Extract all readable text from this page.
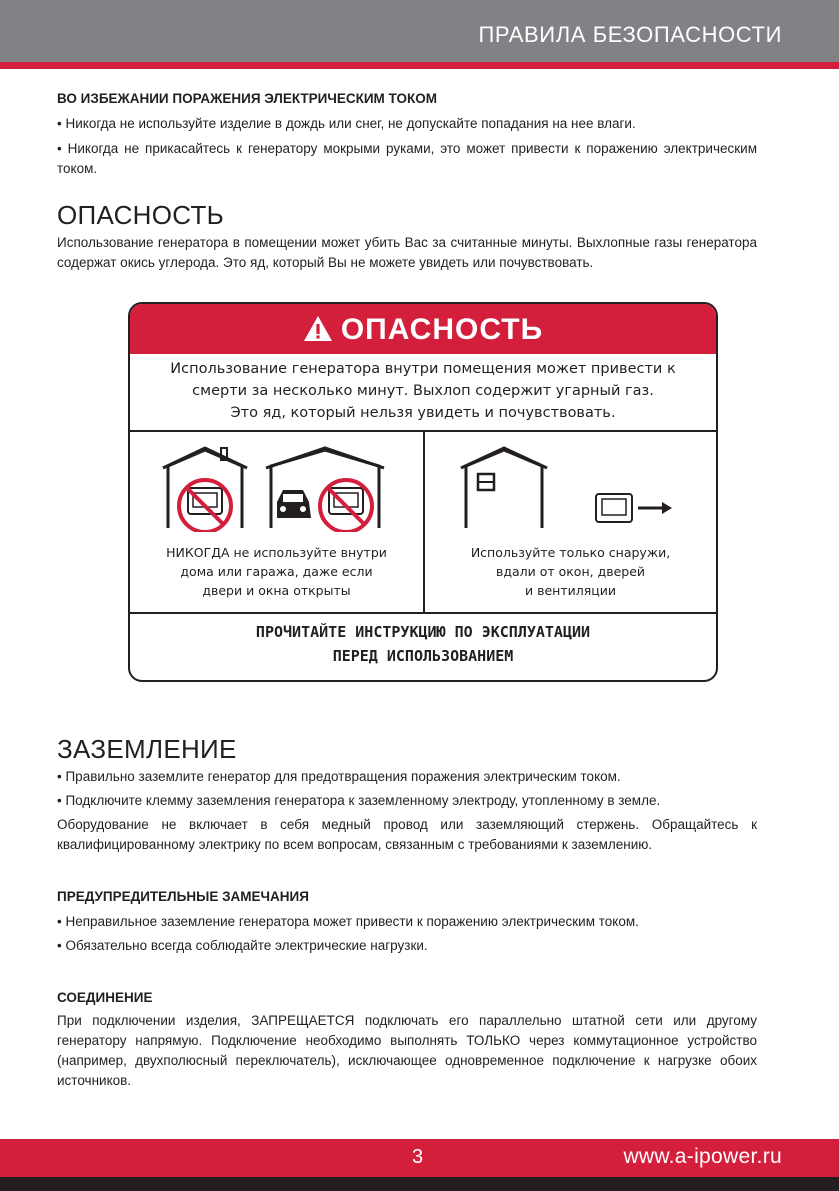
ПРАВИЛА БЕЗОПАСНОСТИ

ВО ИЗБЕЖАНИИ ПОРАЖЕНИЯ ЭЛЕКТРИЧЕСКИМ ТОКОМ

• Никогда не используйте изделие в дождь или снег, не допускайте попадания на нее влаги.

• Никогда не прикасайтесь к генератору мокрыми руками, это может привести к поражению электрическим током.

ОПАСНОСТЬ

Использование генератора в помещении может убить Вас за считанные минуты. Выхлопные газы генератора содержат окись углерода. Это яд, который Вы не можете увидеть или почувствовать.

ОПАСНОСТЬ
Использование генератора внутри помещения может привести к
смерти за несколько минут. Выхлоп содержит угарный газ.
Это яд, который нельзя увидеть и почувствовать.
НИКОГДА не используйте внутри
дома или гаража, даже если
двери и окна открыты
Используйте только снаружи,
вдали от окон, дверей
и вентиляции
ПРОЧИТАЙТЕ ИНСТРУКЦИЮ ПО ЭКСПЛУАТАЦИИ
ПЕРЕД ИСПОЛЬЗОВАНИЕМ

ЗАЗЕМЛЕНИЕ

• Правильно заземлите генератор для предотвращения поражения электрическим током.

• Подключите клемму заземления генератора к заземленному электроду, утопленному в земле.

Оборудование не включает в себя медный провод или заземляющий стержень. Обращайтесь к квалифицированному электрику по всем вопросам, связанным с требованиями к заземлению.

ПРЕДУПРЕДИТЕЛЬНЫЕ ЗАМЕЧАНИЯ

• Неправильное заземление генератора может привести к поражению электрическим током.

• Обязательно всегда соблюдайте электрические нагрузки.

СОЕДИНЕНИЕ

При подключении изделия, ЗАПРЕЩАЕТСЯ подключать его параллельно штатной сети или другому генератору напрямую. Подключение необходимо выполнять ТОЛЬКО через коммутационное устройство (например, двухполюсный переключатель), исключающее одновременное подключение к нагрузке обоих источников.

3	www.a-ipower.ru
